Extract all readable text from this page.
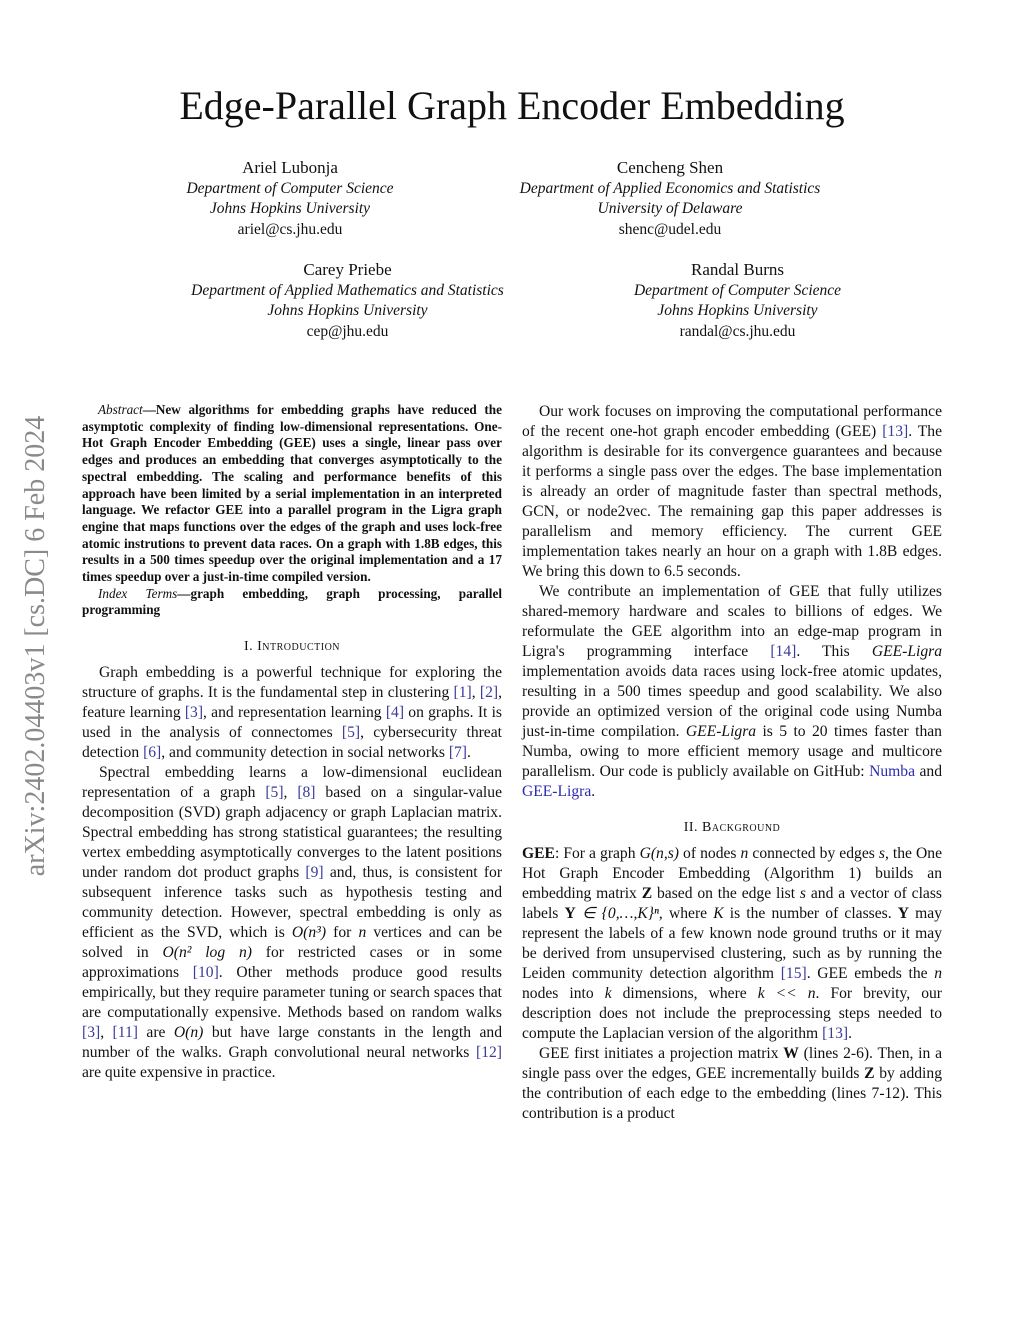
arXiv:2402.04403v1 [cs.DC] 6 Feb 2024
Edge-Parallel Graph Encoder Embedding
Ariel Lubonja
Department of Computer Science
Johns Hopkins University
ariel@cs.jhu.edu
Cencheng Shen
Department of Applied Economics and Statistics
University of Delaware
shenc@udel.edu
Carey Priebe
Department of Applied Mathematics and Statistics
Johns Hopkins University
cep@jhu.edu
Randal Burns
Department of Computer Science
Johns Hopkins University
randal@cs.jhu.edu

Abstract—New algorithms for embedding graphs have reduced the asymptotic complexity of finding low-dimensional representations. One-Hot Graph Encoder Embedding (GEE) uses a single, linear pass over edges and produces an embedding that converges asymptotically to the spectral embedding. The scaling and performance benefits of this approach have been limited by a serial implementation in an interpreted language. We refactor GEE into a parallel program in the Ligra graph engine that maps functions over the edges of the graph and uses lock-free atomic instrutions to prevent data races. On a graph with 1.8B edges, this results in a 500 times speedup over the original implementation and a 17 times speedup over a just-in-time compiled version.

Index Terms—graph embedding, graph processing, parallel programming

I. Introduction

Graph embedding is a powerful technique for exploring the structure of graphs. It is the fundamental step in clustering [1], [2], feature learning [3], and representation learning [4] on graphs. It is used in the analysis of connectomes [5], cybersecurity threat detection [6], and community detection in social networks [7].

Spectral embedding learns a low-dimensional euclidean representation of a graph [5], [8] based on a singular-value decomposition (SVD) graph adjacency or graph Laplacian matrix. Spectral embedding has strong statistical guarantees; the resulting vertex embedding asymptotically converges to the latent positions under random dot product graphs [9] and, thus, is consistent for subsequent inference tasks such as hypothesis testing and community detection. However, spectral embedding is only as efficient as the SVD, which is O(n³) for n vertices and can be solved in O(n² log n) for restricted cases or in some approximations [10]. Other methods produce good results empirically, but they require parameter tuning or search spaces that are computationally expensive. Methods based on random walks [3], [11] are O(n) but have large constants in the length and number of the walks. Graph convolutional neural networks [12] are quite expensive in practice.

Our work focuses on improving the computational performance of the recent one-hot graph encoder embedding (GEE) [13]. The algorithm is desirable for its convergence guarantees and because it performs a single pass over the edges. The base implementation is already an order of magnitude faster than spectral methods, GCN, or node2vec. The remaining gap this paper addresses is parallelism and memory efficiency. The current GEE implementation takes nearly an hour on a graph with 1.8B edges. We bring this down to 6.5 seconds.

We contribute an implementation of GEE that fully utilizes shared-memory hardware and scales to billions of edges. We reformulate the GEE algorithm into an edge-map program in Ligra's programming interface [14]. This GEE-Ligra implementation avoids data races using lock-free atomic updates, resulting in a 500 times speedup and good scalability. We also provide an optimized version of the original code using Numba just-in-time compilation. GEE-Ligra is 5 to 20 times faster than Numba, owing to more efficient memory usage and multicore parallelism. Our code is publicly available on GitHub: Numba and GEE-Ligra.

II. Background

GEE: For a graph G(n,s) of nodes n connected by edges s, the One Hot Graph Encoder Embedding (Algorithm 1) builds an embedding matrix Z based on the edge list s and a vector of class labels Y ∈ {0,…,K}ⁿ, where K is the number of classes. Y may represent the labels of a few known node ground truths or it may be derived from unsupervised clustering, such as by running the Leiden community detection algorithm [15]. GEE embeds the n nodes into k dimensions, where k << n. For brevity, our description does not include the preprocessing steps needed to compute the Laplacian version of the algorithm [13].

GEE first initiates a projection matrix W (lines 2-6). Then, in a single pass over the edges, GEE incrementally builds Z by adding the contribution of each edge to the embedding (lines 7-12). This contribution is a product
